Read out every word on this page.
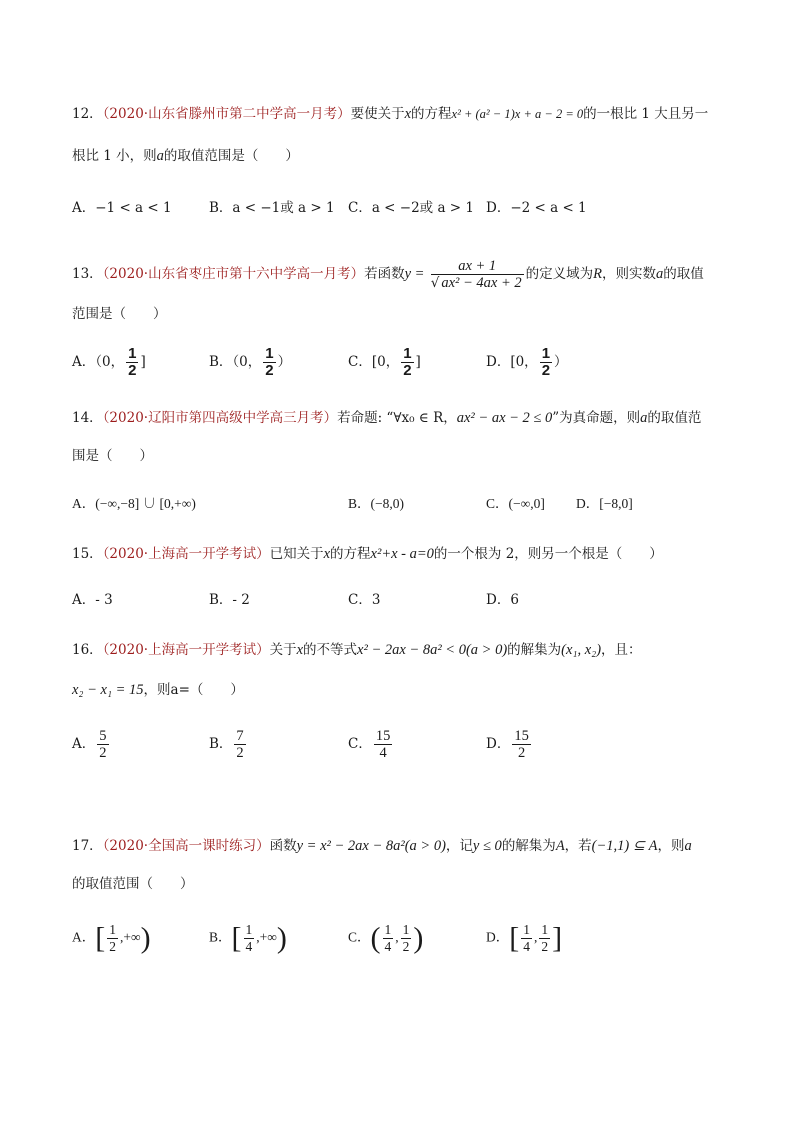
12．（2020·山东省滕州市第二中学高一月考）要使关于x的方程x² + (a² − 1)x + a − 2 = 0的一根比 1 大且另一
根比 1 小，则a的取值范围是（　　）
A．−1 < a < 1	B．a < −1或 a > 1 C．a < −2或 a > 1 D．−2 < a < 1
13．（2020·山东省枣庄市第十六中学高一月考）若函数$y = \frac{ax + 1}{\text{√ ax² − 4ax + 2}}$ 的定义域为R，则实数a的取值
范围是（　　）
A．（0， $\frac{1}{2}$ ]	B．（0， $\frac{1}{2}$ ）	C．[0， $\frac{1}{2}$ ]	D．[0， $\frac{1}{2}$ ）
14．（2020·辽阳市第四高级中学高三月考）若命题: “∀x₀ ∈ R，ax² − ax − 2 ≤ 0”为真命题，则a的取值范
围是（　　）
A．(−∞,−8] ∪ [0,+∞)	B．(−8,0)	C．(−∞,0] D．[−8,0]
15．（2020·上海高一开学考试）已知关于x的方程x²+x - a=0的一个根为 2，则另一个根是（　　）
A．- 3	B．- 2	C．3	D．6
16．（2020·上海高一开学考试）关于x的不等式x² − 2ax − 8a² < 0(a > 0)的解集为(x₁, x₂)，且：
x₂ − x₁ = 15，则a=（　　）
A． $\frac{5}{2}$	B． $\frac{7}{2}$	C． $\frac{15}{4}$	D． $\frac{15}{2}$
17．（2020·全国高一课时练习）函数y = x² − 2ax − 8a²(a > 0)，记y ≤ 0的解集为A，若(−1,1) ⊆ A，则a
的取值范围（　　）
A．[ $\frac{1}{2}$ ,+∞)	B．[ $\frac{1}{4}$ ,+∞)	C．( $\frac{1}{4}$ , $\frac{1}{2}$ )	D．[ $\frac{1}{4}$ , $\frac{1}{2}$ ]
